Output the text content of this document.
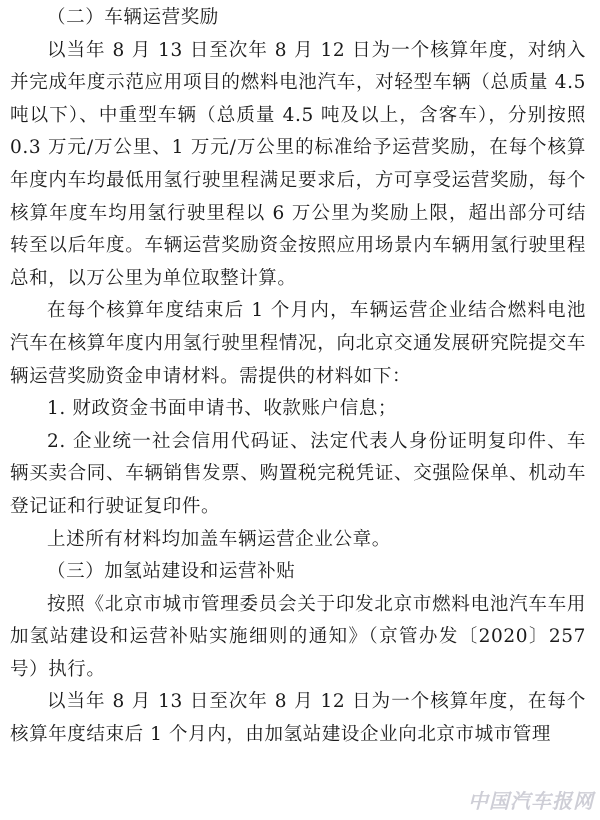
（二）车辆运营奖励

以当年 8 月 13 日至次年 8 月 12 日为一个核算年度，对纳入并完成年度示范应用项目的燃料电池汽车，对轻型车辆（总质量 4.5 吨以下）、中重型车辆（总质量 4.5 吨及以上，含客车），分别按照 0.3 万元/万公里、1 万元/万公里的标准给予运营奖励，在每个核算年度内车均最低用氢行驶里程满足要求后，方可享受运营奖励，每个核算年度车均用氢行驶里程以 6 万公里为奖励上限，超出部分可结转至以后年度。车辆运营奖励资金按照应用场景内车辆用氢行驶里程总和，以万公里为单位取整计算。

在每个核算年度结束后 1 个月内，车辆运营企业结合燃料电池汽车在核算年度内用氢行驶里程情况，向北京交通发展研究院提交车辆运营奖励资金申请材料。需提供的材料如下：

1. 财政资金书面申请书、收款账户信息；

2. 企业统一社会信用代码证、法定代表人身份证明复印件、车辆买卖合同、车辆销售发票、购置税完税凭证、交强险保单、机动车登记证和行驶证复印件。

上述所有材料均加盖车辆运营企业公章。

（三）加氢站建设和运营补贴

按照《北京市城市管理委员会关于印发北京市燃料电池汽车车用加氢站建设和运营补贴实施细则的通知》（京管办发〔2020〕257号）执行。

以当年 8 月 13 日至次年 8 月 12 日为一个核算年度，在每个核算年度结束后 1 个月内，由加氢站建设企业向北京市城市管理

中国汽车报网
